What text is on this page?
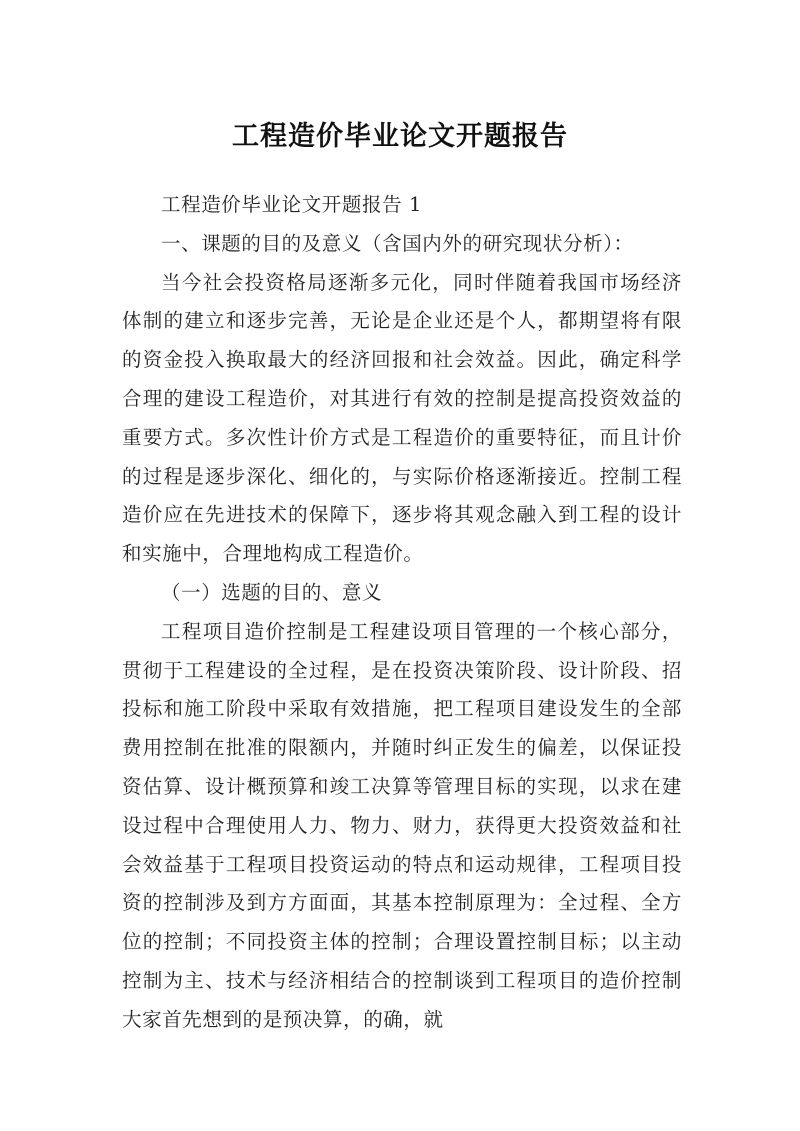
工程造价毕业论文开题报告

工程造价毕业论文开题报告 1

一、课题的目的及意义（含国内外的研究现状分析）：

当今社会投资格局逐渐多元化，同时伴随着我国市场经济体制的建立和逐步完善，无论是企业还是个人，都期望将有限的资金投入换取最大的经济回报和社会效益。因此，确定科学合理的建设工程造价，对其进行有效的控制是提高投资效益的重要方式。多次性计价方式是工程造价的重要特征，而且计价的过程是逐步深化、细化的，与实际价格逐渐接近。控制工程造价应在先进技术的保障下，逐步将其观念融入到工程的设计和实施中，合理地构成工程造价。

（一）选题的目的、意义

工程项目造价控制是工程建设项目管理的一个核心部分，贯彻于工程建设的全过程，是在投资决策阶段、设计阶段、招投标和施工阶段中采取有效措施，把工程项目建设发生的全部费用控制在批准的限额内，并随时纠正发生的偏差，以保证投资估算、设计概预算和竣工决算等管理目标的实现，以求在建设过程中合理使用人力、物力、财力，获得更大投资效益和社会效益基于工程项目投资运动的特点和运动规律，工程项目投资的控制涉及到方方面面，其基本控制原理为：全过程、全方位的控制；不同投资主体的控制；合理设置控制目标；以主动控制为主、技术与经济相结合的控制谈到工程项目的造价控制大家首先想到的是预决算，的确，就
